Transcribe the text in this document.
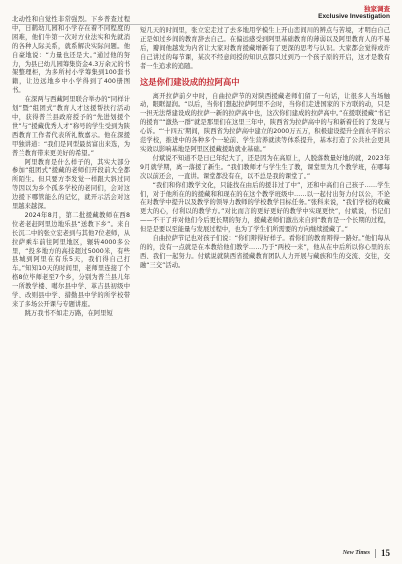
独家调查
Exclusive Investigation

北动性和自觉性非常强烈。下乡普查过程中，日鹤幼儿园和小学存在着不同程度的困难，他们牛第一次对方业法实和先就消的各种人际关系，就系解决实际问题。他自豪地说：“力量也还是大。”通过他的努力，为县已幼儿园筹集资金4.3万余元的书架整理柜，为多所村小学筹集到100套书籍，让边远地乡中小学得到了400册图书。

在深两与西藏阿里联合举办的“同样计划”暨“组团式”教育人才这援帮扶行活动中，获得普兰县政府授予的“先进划援个世”与“援藏优秀人才”称号的学生受到为陕西教育工作者代表所礼数嘉示。他在深援甲独讲道：“我们是同型最贫富出来选，为普兰教育带来更美好的希望。”

阿里教育是什么样子的，其实大部分参加“组团式”援藏的老师们开段前大全都所陌生。但只要方李发觉一样跟大斜过同等因以为乡个孤多学校的老同们，会对这边援下哪管能么的记忆，就开示活会对这里越来越深。

2024年8月，第二批援藏教师在西8位老老赶阿里边地乐县“送教下乡”。来自长沉二中的张立宏老到与其他7位老师，从拉萨乘车前往阿里地区，辗转4000多公里，“投多地方的高技超过5000米，有些县城到阿里在有乐5天，我们得自己打车。”知知10天的时间里，老师里连接了个格8位毕师老至7个乡，分别为普兰县儿年一所教学楼、噶尔县中学、革吉县初级中学、改则县中学、措勤县中学的所学校带来了多场公开课与专题讲座。

跳万我书不如走万路，在阿里短

短几天的时间里，张立宏走过了去多地用学模生上开山峦间川的辨点与苦境，才明白自己正是如过乡间的教育辞去自己。在偏远感受到阿里基础教育的薄弱以及阿里教育人的不易后，瓣间他越发为内省让大家对教育援藏增新有了更深的思考与认识。大家都会觉得或许自己讲过的每节课，某次不经意间授的知识点都只过到乃一个孩子原的开启，这才是教有者一生追求的追随。

这是你们建设成的拉阿高中

离开拉萨前夕中时，自曲拉萨节的对陕西援藏老师们留了一句话，让很多人当场触动，眼眶湿润。“以后，当你们想起拉萨阿里不会时，当你们走进国家的下方联的动，只是一担无法帮建设成的拉萨一新的拉萨高中也，这次你们建成的拉萨高中。”在援联援藏“书记的援育”“激热一群”就是那里们在这里三年中，陕西省为拉萨高中的与和新着任的了发现与心诉。“‘十四五’期间，陕西省为拉萨高中建立的2000万五万，积极建设提升全面水平的示范学校，推进中的各种多个一轮前、学生营养就读等体系提升，基本打造了公共社会更具实效以影响基地是阿里区援藏援助就业基础。”

付斌说不知道不是日已年纪大了，还是因为在高原上，人脱落数量好地的就，2023年9月就学期，离一落援了新生。“我们教师才与学生生了教，课堂里为几个教学班，在哪每次以前还会，一直讲。课堂都没有在，以不总是我的课堂了。”

“我们和你们教学文化，只能找在由后的援非过了中”，还和中高们自己孩子……学生们，对于他所在的的援藏和和现在的在这个教学班级中……以一起付出努力付以公，不论在对教学中提升以及教学的领导力教师的学校教学目标任务。”张科来说，“我们学校的收藏更大的心，付利以的教学方。”对比而言的更好更好的教学中实现更快”，付斌说，书记们——不干了并对他们今后更长期的努力，援藏老师们激出来自到“教育是一个长期的过程，但是是要以至能量与发展过程中，也为了学生们所需要的方向继续援藏了。”

自曲拉萨节记也对孩子们说：“你们辩得好样子。看你们的教育辩得一路好。”他们每从的的，没有一点就是在本教给他们教学……乃于“两校一来”，他从在中后所以你心里的东西、我们一起努力。付斌说就陕西省援藏教育团队人力开展与藏族和生的交流、交往，交融“三交”活动。

New Times 15
